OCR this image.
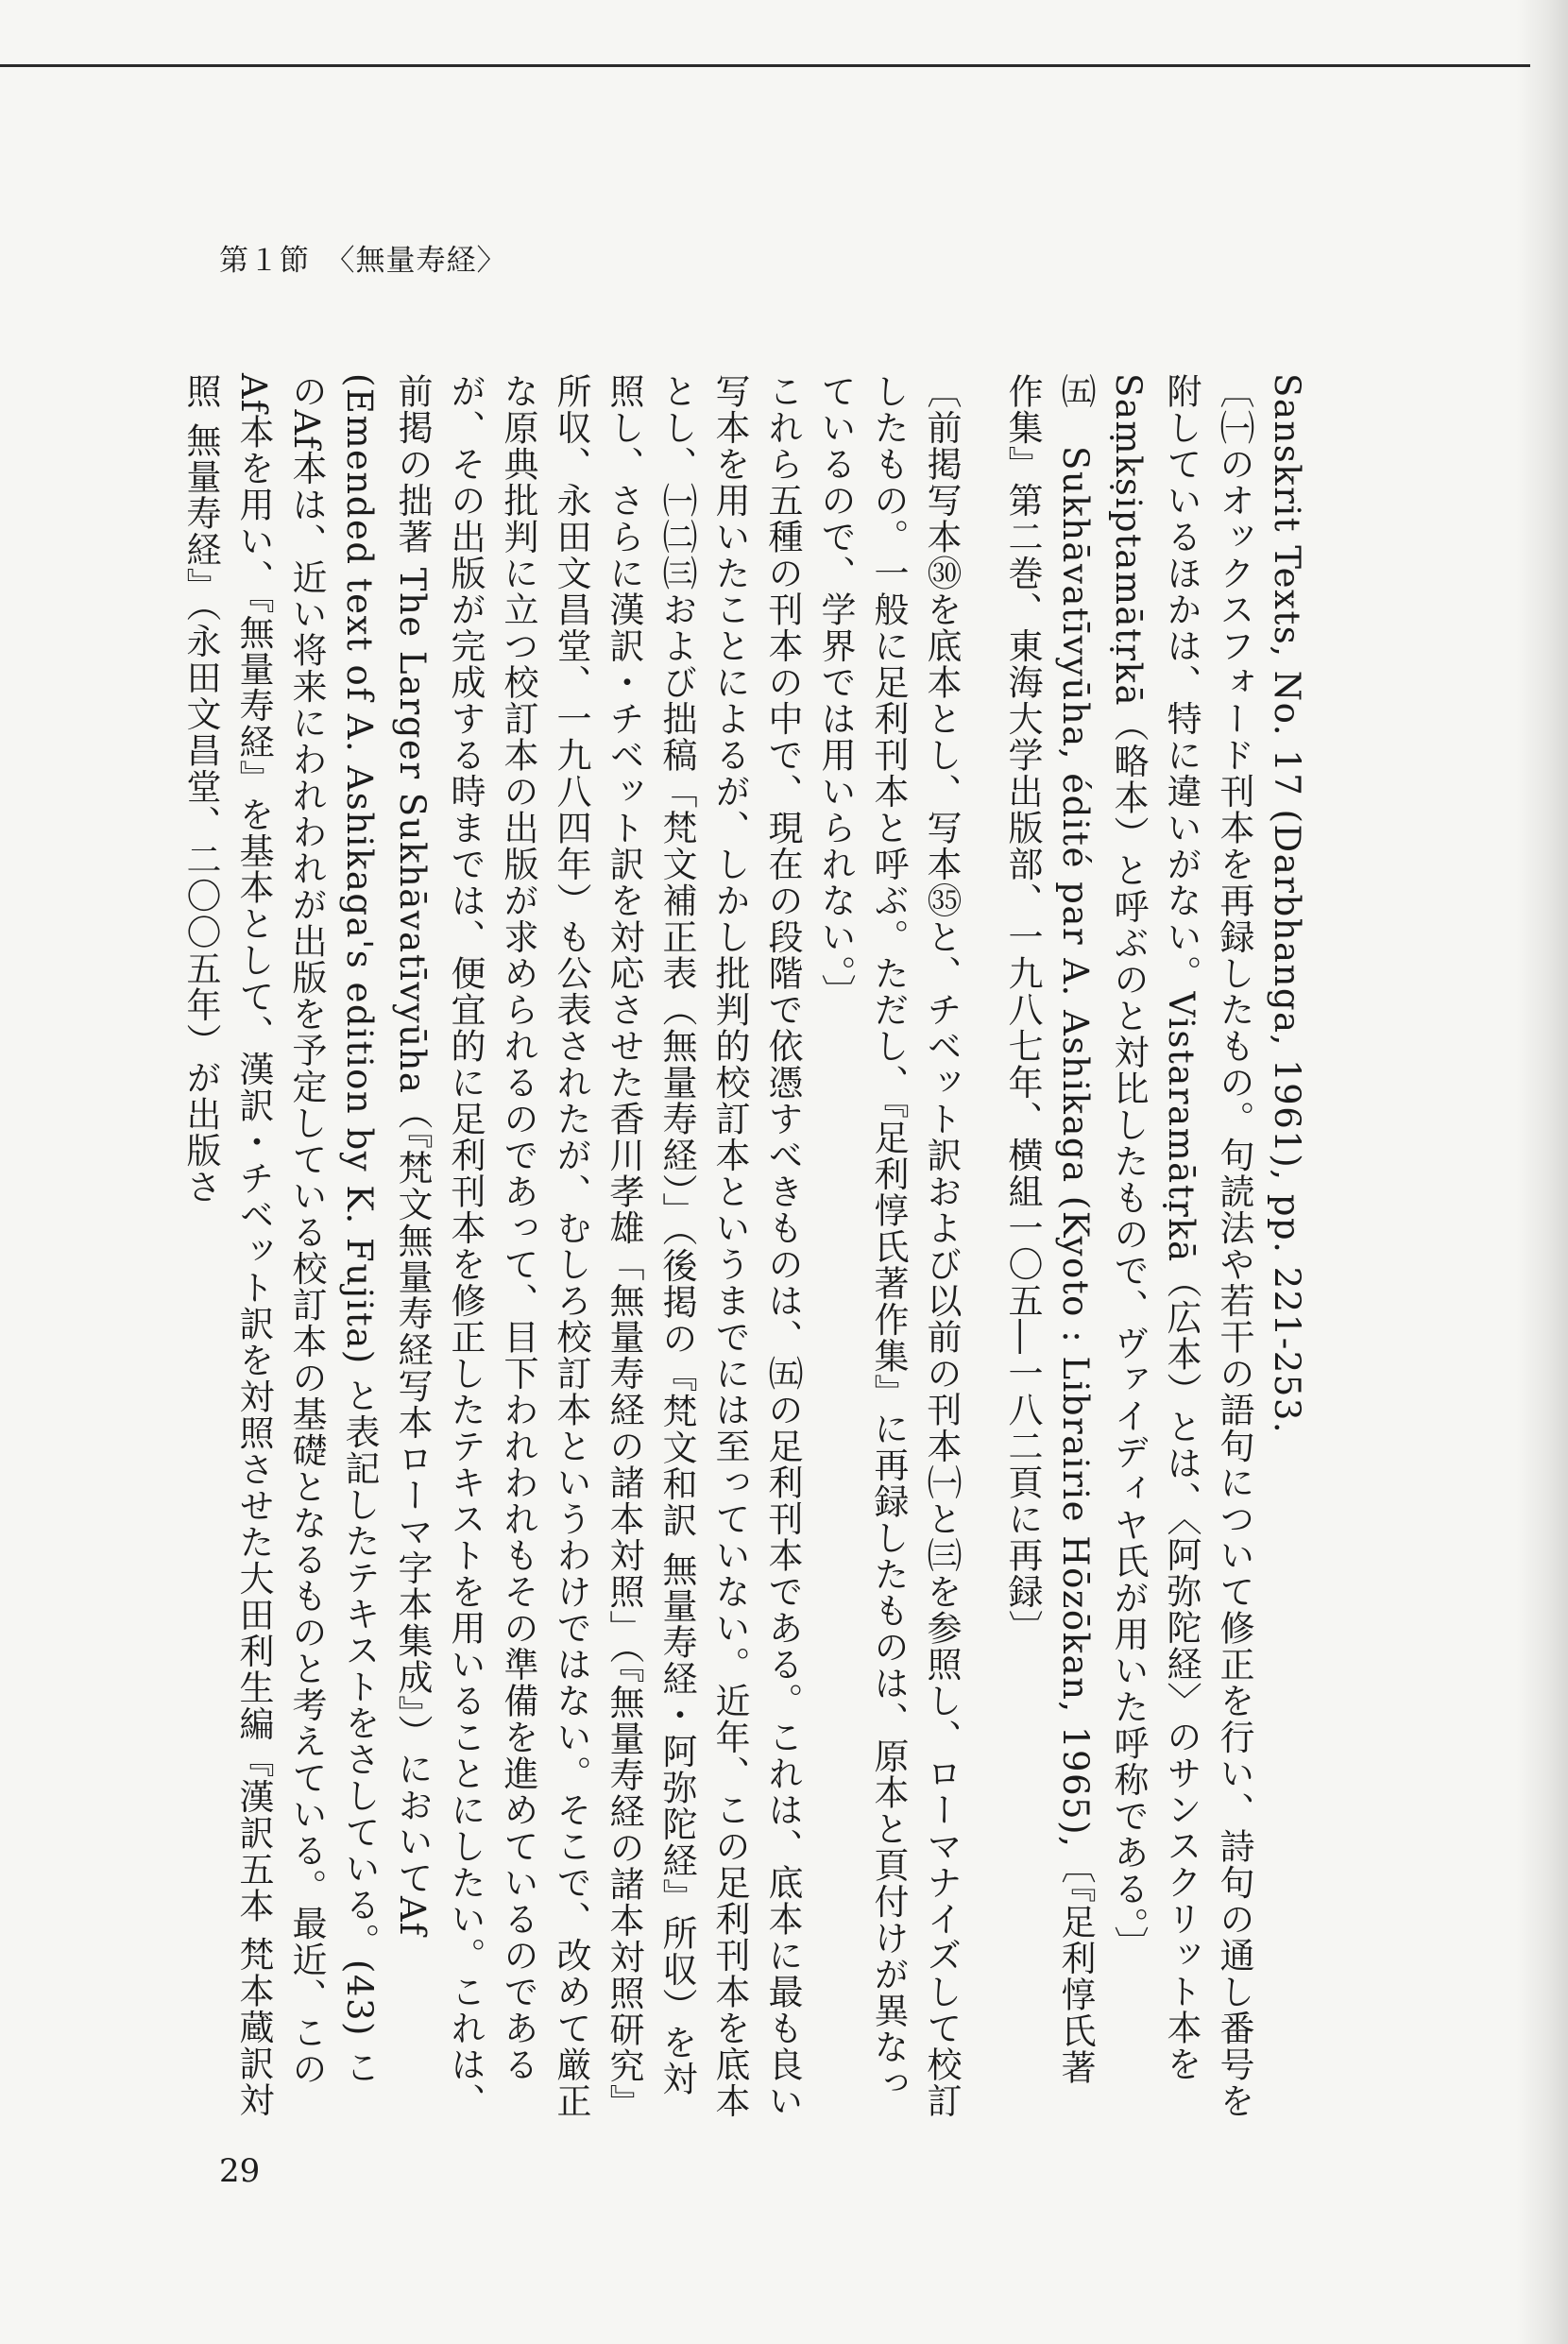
第１節　〈無量寿経〉

Sanskrit Texts, No. 17 (Darbhanga, 1961), pp. 221-253.

〔㈠のオックスフォード刊本を再録したもの。句読法や若干の語句について修正を行い、詩句の通し番号を附しているほかは、特に違いがない。Vistaramātṛkā（広本）とは、〈阿弥陀経〉のサンスクリット本をSaṃkṣiptamātṛkā（略本）と呼ぶのと対比したもので、ヴァイディヤ氏が用いた呼称である。〕

㈤　Sukhāvatīvyūha, édité par A. Ashikaga (Kyoto : Librairie Hōzōkan, 1965),〔『足利惇氏著作集』第二巻、東海大学出版部、一九八七年、横組一〇五―一八二頁に再録〕

〔前掲写本㉚を底本とし、写本㉟と、チベット訳および以前の刊本㈠と㈢を参照し、ローマナイズして校訂したもの。一般に足利刊本と呼ぶ。ただし、『足利惇氏著作集』に再録したものは、原本と頁付けが異なっているので、学界では用いられない。〕

これら五種の刊本の中で、現在の段階で依憑すべきものは、㈤の足利刊本である。これは、底本に最も良い写本を用いたことによるが、しかし批判的校訂本というまでには至っていない。近年、この足利刊本を底本とし、㈠㈡㈢および拙稿「梵文補正表（無量寿経）」（後掲の『梵文和訳 無量寿経・阿弥陀経』所収）を対照し、さらに漢訳・チベット訳を対応させた香川孝雄「無量寿経の諸本対照」（『無量寿経の諸本対照研究』所収、永田文昌堂、一九八四年）も公表されたが、むしろ校訂本というわけではない。そこで、改めて厳正な原典批判に立つ校訂本の出版が求められるのであって、目下われわれもその準備を進めているのであるが、その出版が完成する時までは、便宜的に足利刊本を修正したテキストを用いることにしたい。これは、前掲の拙著 The Larger Sukhāvatīvyūha（『梵文無量寿経写本ローマ字本集成』）においてAf (Emended text of A. Ashikaga's edition by K. Fujita) と表記したテキストをさしている。(43) このAf本は、近い将来にわれわれが出版を予定している校訂本の基礎となるものと考えている。最近、このAf本を用い、『無量寿経』を基本として、漢訳・チベット訳を対照させた大田利生編『漢訳五本 梵本蔵訳対照 無量寿経』（永田文昌堂、二〇〇五年）が出版さ

29
